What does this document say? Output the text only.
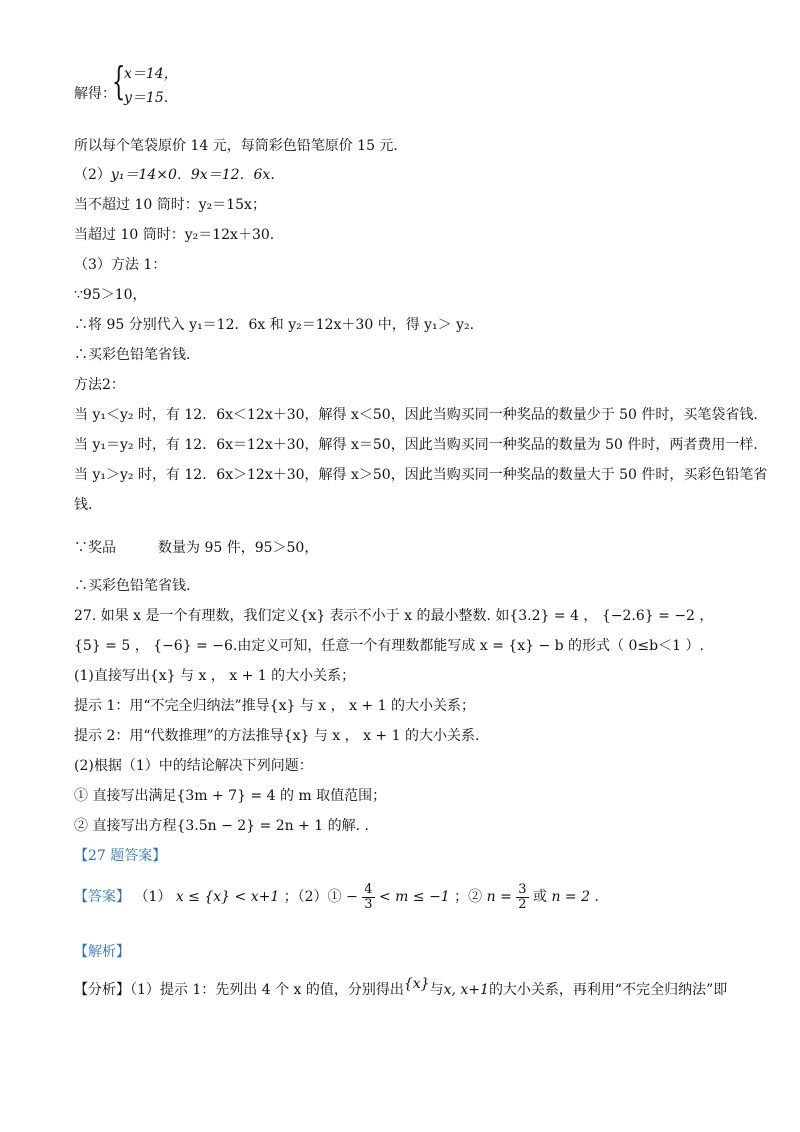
解得：
{
x＝14，
y＝15.
所以每个笔袋原价 14 元，每筒彩色铅笔原价 15 元.
（2）y₁＝14×0．9x＝12．6x.
当不超过 10 筒时：y₂＝15x；
当超过 10 筒时：y₂＝12x＋30.
（3）方法 1：
∵95＞10，
∴将 95 分别代入 y₁＝12．6x 和 y₂＝12x＋30 中，得 y₁＞ y₂.
∴买彩色铅笔省钱.
方法2：
当 y₁＜y₂ 时，有 12．6x＜12x＋30，解得 x＜50，因此当购买同一种奖品的数量少于 50 件时，买笔袋省钱.
当 y₁＝y₂ 时，有 12．6x＝12x＋30，解得 x＝50，因此当购买同一种奖品的数量为 50 件时，两者费用一样.
当 y₁＞y₂ 时，有 12．6x＞12x＋30，解得 x＞50，因此当购买同一种奖品的数量大于 50 件时，买彩色铅笔省
钱.
∵奖品　　　数量为 95 件，95＞50，
∴买彩色铅笔省钱.
27. 如果 x 是一个有理数，我们定义{x} 表示不小于 x 的最小整数. 如{3.2} = 4 ， {−2.6} = −2 ，
{5} = 5 ， {−6} = −6.由定义可知，任意一个有理数都能写成 x = {x} − b 的形式（ 0≤b＜1 ）.
(1)直接写出{x} 与 x ， x + 1 的大小关系；
提示 1：用“不完全归纳法”推导{x} 与 x ， x + 1 的大小关系；
提示 2：用“代数推理”的方法推导{x} 与 x ， x + 1 的大小关系.
(2)根据（1）中的结论解决下列问题：
① 直接写出满足{3m + 7} = 4 的 m 取值范围；
② 直接写出方程{3.5n − 2} = 2n + 1 的解. .
【27 题答案】
【答案】 （1） x ≤ {x} < x+1 ；（2）① − $\frac{4}{3} < m \le -1$ ；② $n = \frac{3}{2}$ 或 n = 2 .
【解析】
【分析】（1）提示 1：先列出 4 个 x 的值，分别得出{x}与x, x+1的大小关系，再利用“不完全归纳法”即
